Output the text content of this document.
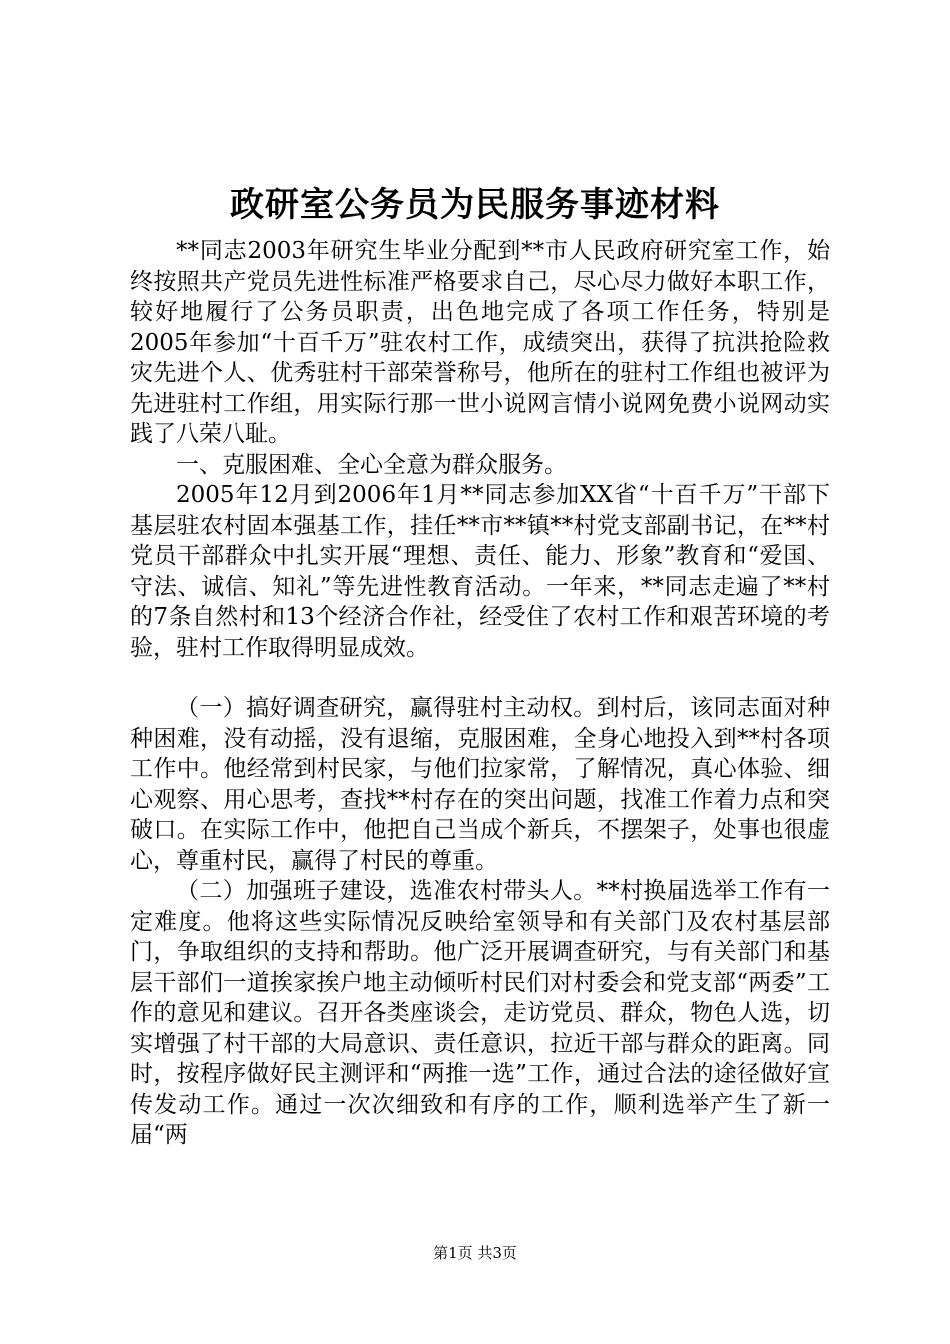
政研室公务员为民服务事迹材料

**同志2003年研究生毕业分配到**市人民政府研究室工作，始终按照共产党员先进性标准严格要求自己，尽心尽力做好本职工作，较好地履行了公务员职责，出色地完成了各项工作任务，特别是2005年参加“十百千万”驻农村工作，成绩突出，获得了抗洪抢险救灾先进个人、优秀驻村干部荣誉称号，他所在的驻村工作组也被评为先进驻村工作组，用实际行那一世小说网言情小说网免费小说网动实践了八荣八耻。

一、克服困难、全心全意为群众服务。

2005年12月到2006年1月**同志参加XX省“十百千万”干部下基层驻农村固本强基工作，挂任**市**镇**村党支部副书记，在**村党员干部群众中扎实开展“理想、责任、能力、形象”教育和“爱国、守法、诚信、知礼”等先进性教育活动。一年来，**同志走遍了**村的7条自然村和13个经济合作社，经受住了农村工作和艰苦环境的考验，驻村工作取得明显成效。

（一）搞好调查研究，赢得驻村主动权。到村后，该同志面对种种困难，没有动摇，没有退缩，克服困难，全身心地投入到**村各项工作中。他经常到村民家，与他们拉家常，了解情况，真心体验、细心观察、用心思考，查找**村存在的突出问题，找准工作着力点和突破口。在实际工作中，他把自己当成个新兵，不摆架子，处事也很虚心，尊重村民，赢得了村民的尊重。

（二）加强班子建设，选准农村带头人。**村换届选举工作有一定难度。他将这些实际情况反映给室领导和有关部门及农村基层部门，争取组织的支持和帮助。他广泛开展调查研究，与有关部门和基层干部们一道挨家挨户地主动倾听村民们对村委会和党支部“两委”工作的意见和建议。召开各类座谈会，走访党员、群众，物色人选，切实增强了村干部的大局意识、责任意识，拉近干部与群众的距离。同时，按程序做好民主测评和“两推一选”工作，通过合法的途径做好宣传发动工作。通过一次次细致和有序的工作，顺利选举产生了新一届“两

第1页 共3页
